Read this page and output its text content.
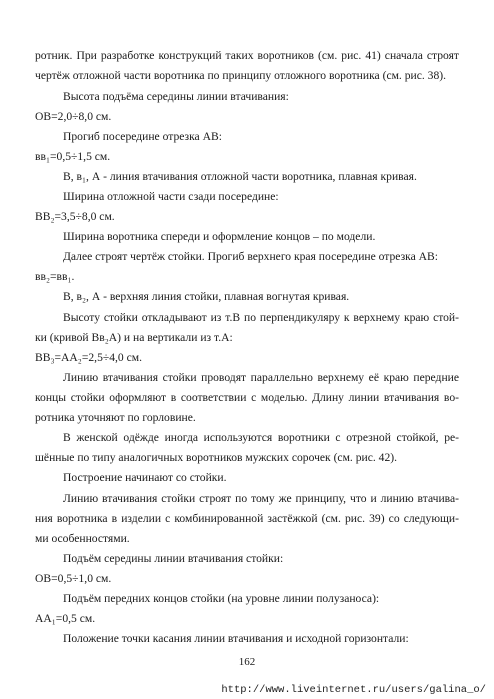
ротник. При разработке конструкций таких воротников (см. рис. 41) сначала строят
чертёж отложной части воротника по принципу отложного воротника (см. рис. 38).
Высота подъёма середины линии втачивания:
ОВ=2,0÷8,0 см.
Прогиб посередине отрезка АВ:
вв₁=0,5÷1,5 см.
В, в₁, А - линия втачивания отложной части воротника, плавная кривая.
Ширина отложной части сзади посередине:
ВВ₂=3,5÷8,0 см.
Ширина воротника спереди и оформление концов – по модели.
Далее строят чертёж стойки. Прогиб верхнего края посередине отрезка АВ:
вв₂=вв₁.
В, в₂, А - верхняя линия стойки, плавная вогнутая кривая.
Высоту стойки откладывают из т.В по перпендикуляру к верхнему краю стой-
ки (кривой Вв₂А) и на вертикали из т.А:
ВВ₃=АА₂=2,5÷4,0 см.
Линию втачивания стойки проводят параллельно верхнему её краю передние
концы стойки оформляют в соответствии с моделью. Длину линии втачивания во-
ротника уточняют по горловине.
В женской одёжде иногда используются воротники с отрезной стойкой, ре-
шённые по типу аналогичных воротников мужских сорочек (см. рис. 42).
Построение начинают со стойки.
Линию втачивания стойки строят по тому же принципу, что и линию втачива-
ния воротника в изделии с комбинированной застёжкой (см. рис. 39) со следующи-
ми особенностями.
Подъём середины линии втачивания стойки:
ОВ=0,5÷1,0 см.
Подъём передних концов стойки (на уровне линии полузаноса):
АА₁=0,5 см.
Положение точки касания линии втачивания и исходной горизонтали:
162
http://www.liveinternet.ru/users/galina_o/
